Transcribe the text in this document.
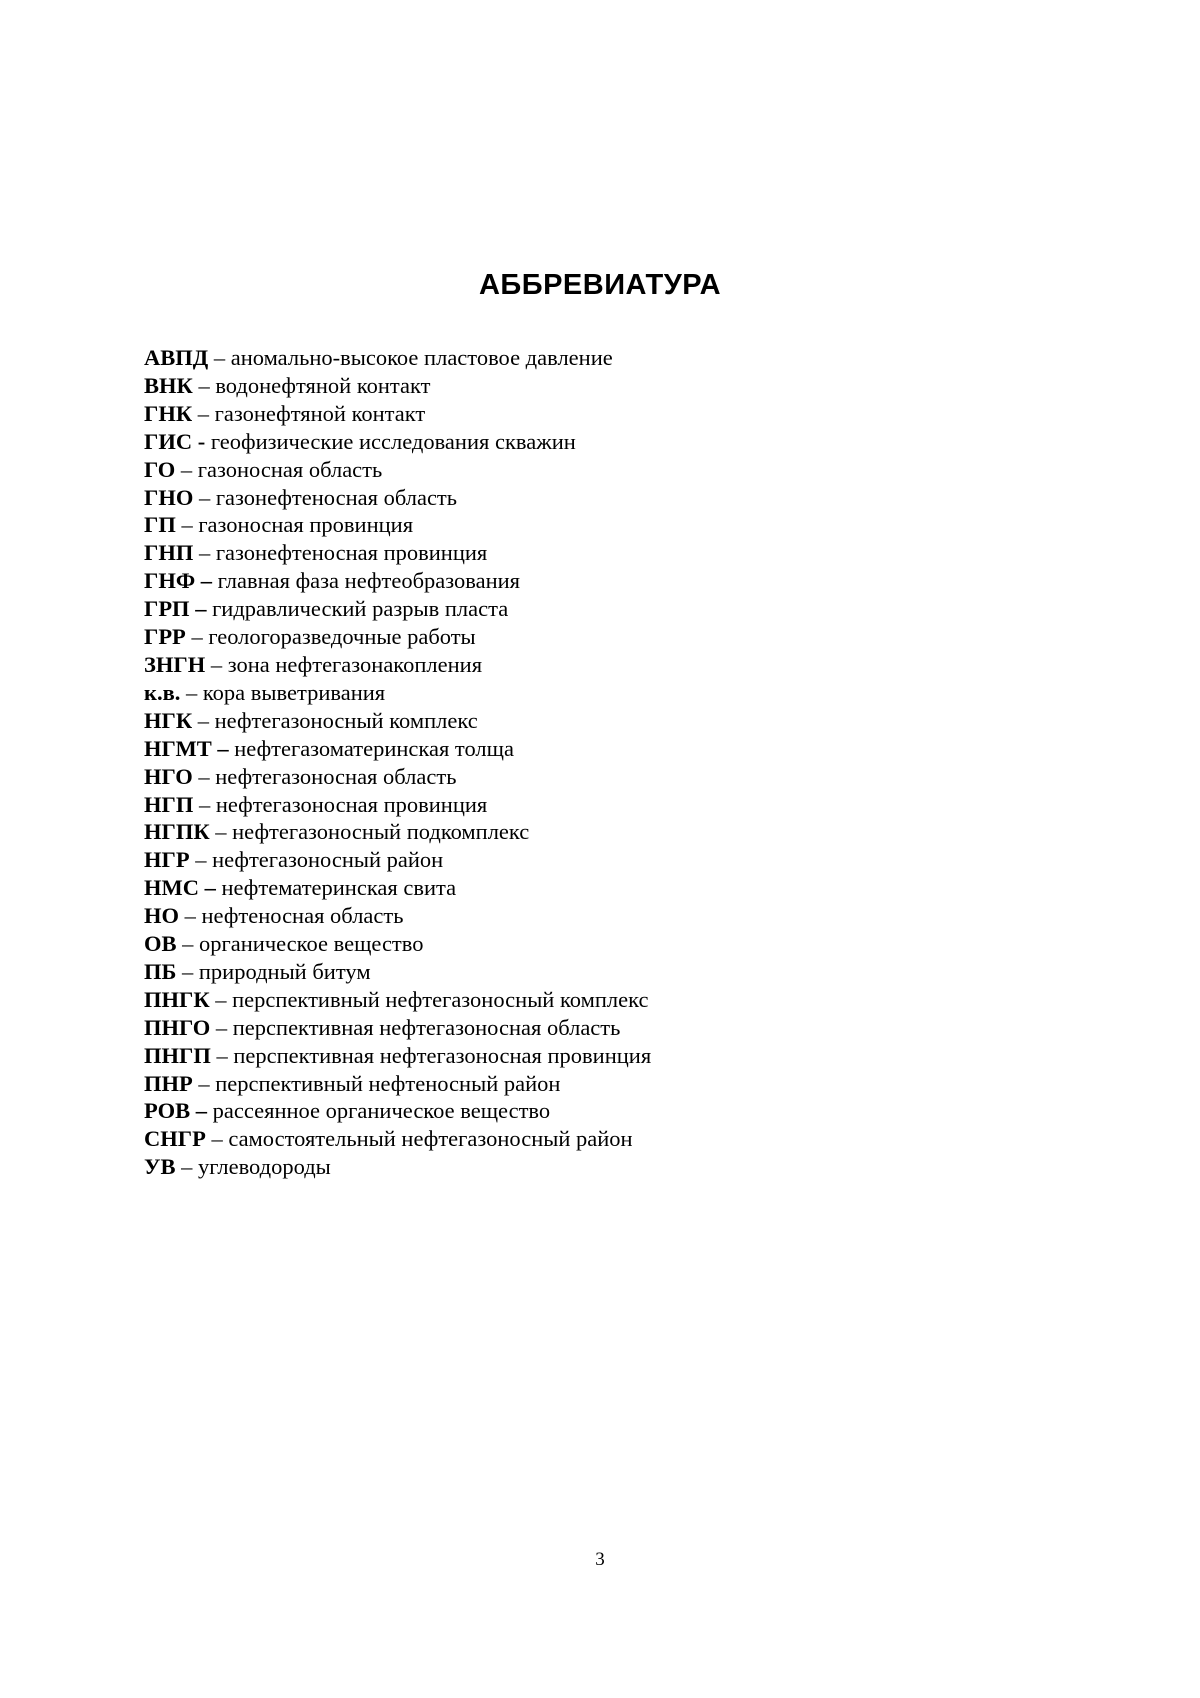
АББРЕВИАТУРА
АВПД – аномально-высокое пластовое давление
ВНК – водонефтяной контакт
ГНК – газонефтяной контакт
ГИС - геофизические исследования скважин
ГО – газоносная область
ГНО – газонефтеносная область
ГП – газоносная провинция
ГНП – газонефтеносная провинция
ГНФ – главная фаза нефтеобразования
ГРП – гидравлический разрыв пласта
ГРР – геологоразведочные работы
ЗНГН – зона нефтегазонакопления
к.в. – кора выветривания
НГК – нефтегазоносный комплекс
НГМТ – нефтегазоматеринская толща
НГО – нефтегазоносная область
НГП – нефтегазоносная провинция
НГПК – нефтегазоносный подкомплекс
НГР – нефтегазоносный район
НМС – нефтематеринская свита
НО – нефтеносная область
ОВ – органическое вещество
ПБ – природный битум
ПНГК – перспективный нефтегазоносный комплекс
ПНГО – перспективная нефтегазоносная область
ПНГП – перспективная нефтегазоносная провинция
ПНР – перспективный нефтеносный район
РОВ – рассеянное органическое вещество
СНГР – самостоятельный нефтегазоносный район
УВ – углеводороды
3
